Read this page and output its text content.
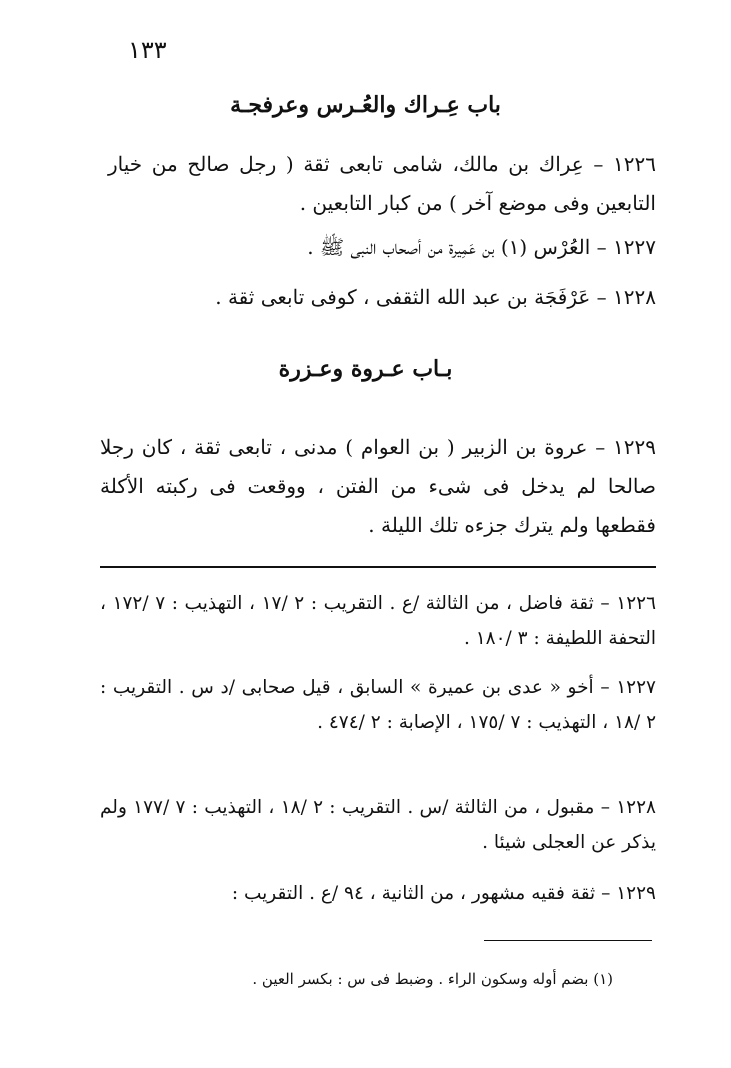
١٣٣
باب عِـراك والعُـرس وعرفجـة
١٢٢٦ – عِراك بن مالك، شامى تابعى ثقة ( رجل صالح من خيار التابعين وفى موضع آخر ) من كبار التابعين .
١٢٢٧ – العُرْس (١) بن عَمِيرة من أصحاب النبى ﷺ .
١٢٢٨ – عَرْفَجَة بن عبد الله الثقفى ، كوفى تابعى ثقة .
بـاب عـروة وعـزرة
١٢٢٩ – عروة بن الزبير ( بن العوام ) مدنى ، تابعى ثقة ، كان رجلا صالحا لم يدخل فى شىء من الفتن ، ووقعت فى ركبته الأكلة فقطعها ولم يترك جزءه تلك الليلة .
١٢٢٦ – ثقة فاضل ، من الثالثة /ع . التقريب : ٢ /١٧ ، التهذيب : ٧ /١٧٢ ، التحفة اللطيفة : ٣ /١٨٠ .
١٢٢٧ – أخو « عدى بن عميرة » السابق ، قيل صحابى /د س . التقريب : ٢ /١٨ ، التهذيب : ٧ /١٧٥ ، الإصابة : ٢ /٤٧٤ .
١٢٢٨ – مقبول ، من الثالثة /س . التقريب : ٢ /١٨ ، التهذيب : ٧ /١٧٧ ولم يذكر عن العجلى شيئا .
١٢٢٩ – ثقة فقيه مشهور ، من الثانية ، ٩٤ /ع . التقريب :
(١) بضم أوله وسكون الراء . وضبط فى س : بكسر العين .
